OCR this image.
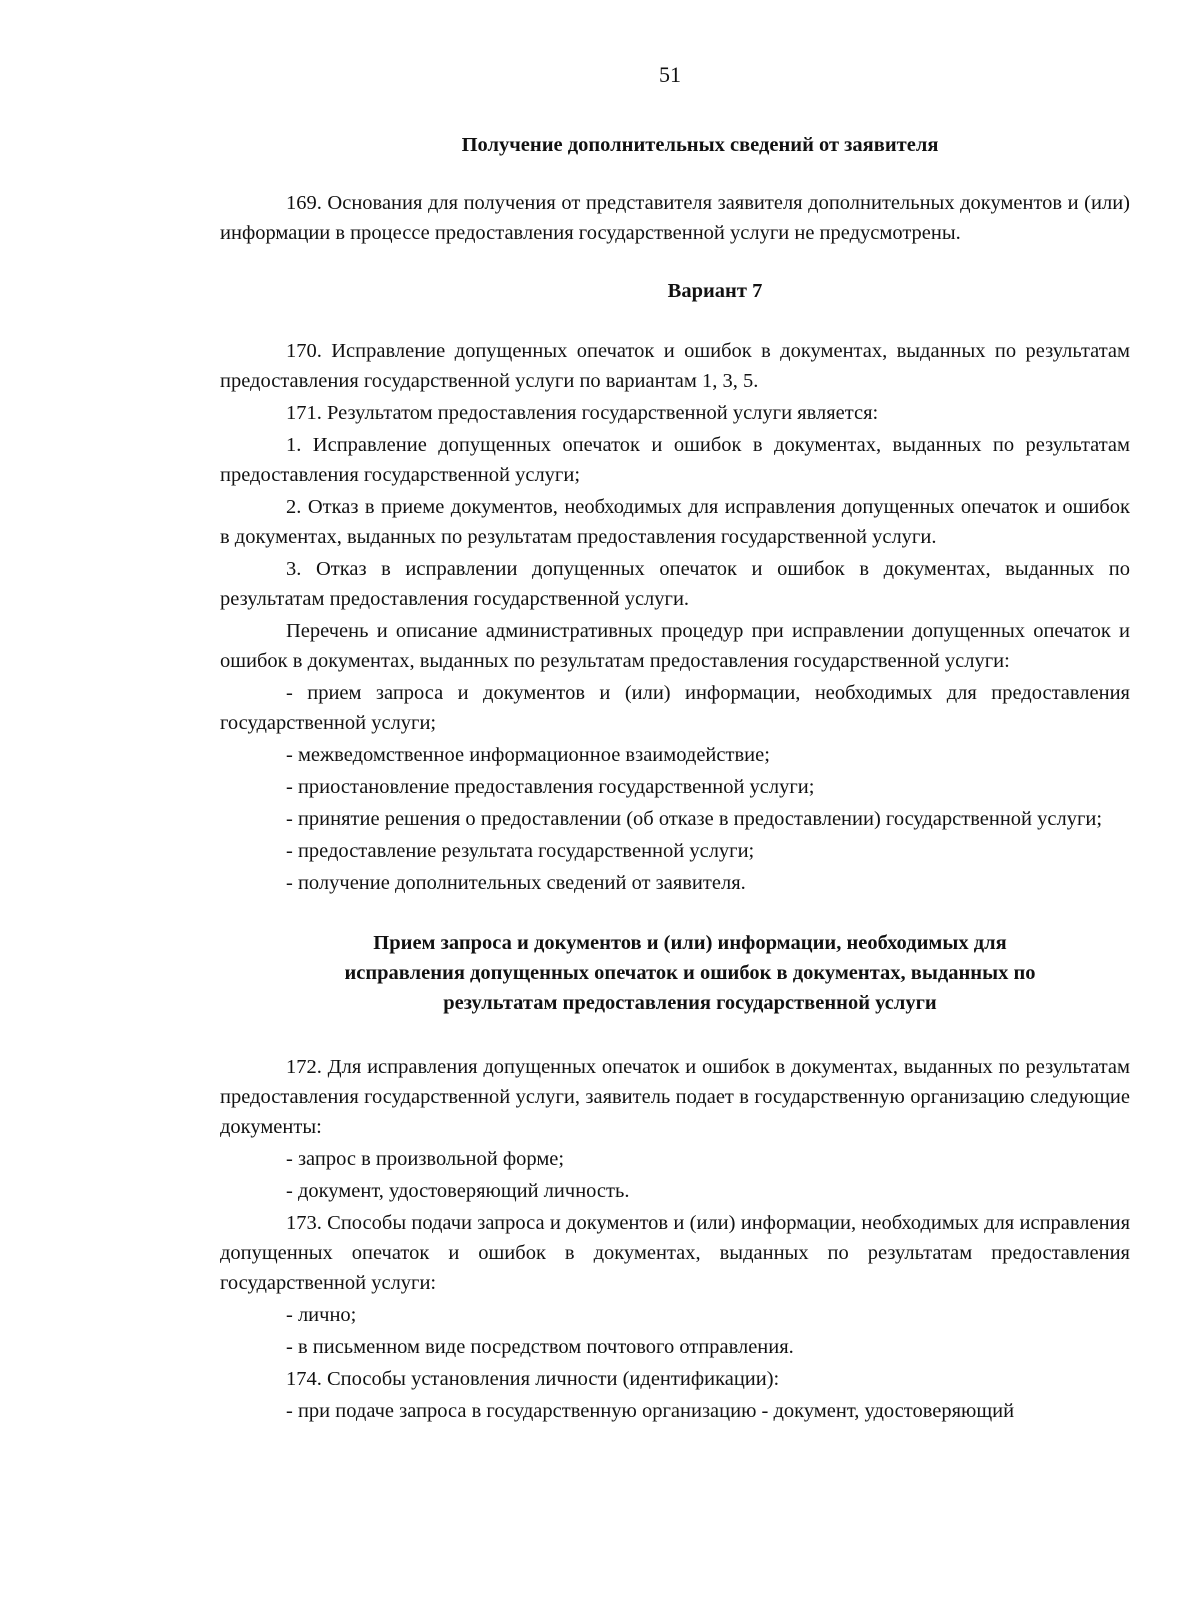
51
Получение дополнительных сведений от заявителя

169. Основания для получения от представителя заявителя дополнительных документов и (или) информации в процессе предоставления государственной услуги не предусмотрены.

Вариант 7

170. Исправление допущенных опечаток и ошибок в документах, выданных по результатам предоставления государственной услуги по вариантам 1, 3, 5.

171. Результатом предоставления государственной услуги является:

1. Исправление допущенных опечаток и ошибок в документах, выданных по результатам предоставления государственной услуги;

2. Отказ в приеме документов, необходимых для исправления допущенных опечаток и ошибок в документах, выданных по результатам предоставления государственной услуги.

3. Отказ в исправлении допущенных опечаток и ошибок в документах, выданных по результатам предоставления государственной услуги.

Перечень и описание административных процедур при исправлении допущенных опечаток и ошибок в документах, выданных по результатам предоставления государственной услуги:

- прием запроса и документов и (или) информации, необходимых для предоставления государственной услуги;

- межведомственное информационное взаимодействие;

- приостановление предоставления государственной услуги;

- принятие решения о предоставлении (об отказе в предоставлении) государственной услуги;

- предоставление результата государственной услуги;

- получение дополнительных сведений от заявителя.

Прием запроса и документов и (или) информации, необходимых для
исправления допущенных опечаток и ошибок в документах, выданных по
результатам предоставления государственной услуги

172. Для исправления допущенных опечаток и ошибок в документах, выданных по результатам предоставления государственной услуги, заявитель подает в государственную организацию следующие документы:

- запрос в произвольной форме;

- документ, удостоверяющий личность.

173. Способы подачи запроса и документов и (или) информации, необходимых для исправления допущенных опечаток и ошибок в документах, выданных по результатам предоставления государственной услуги:

- лично;

- в письменном виде посредством почтового отправления.

174. Способы установления личности (идентификации):

- при подаче запроса в государственную организацию - документ, удостоверяющий
